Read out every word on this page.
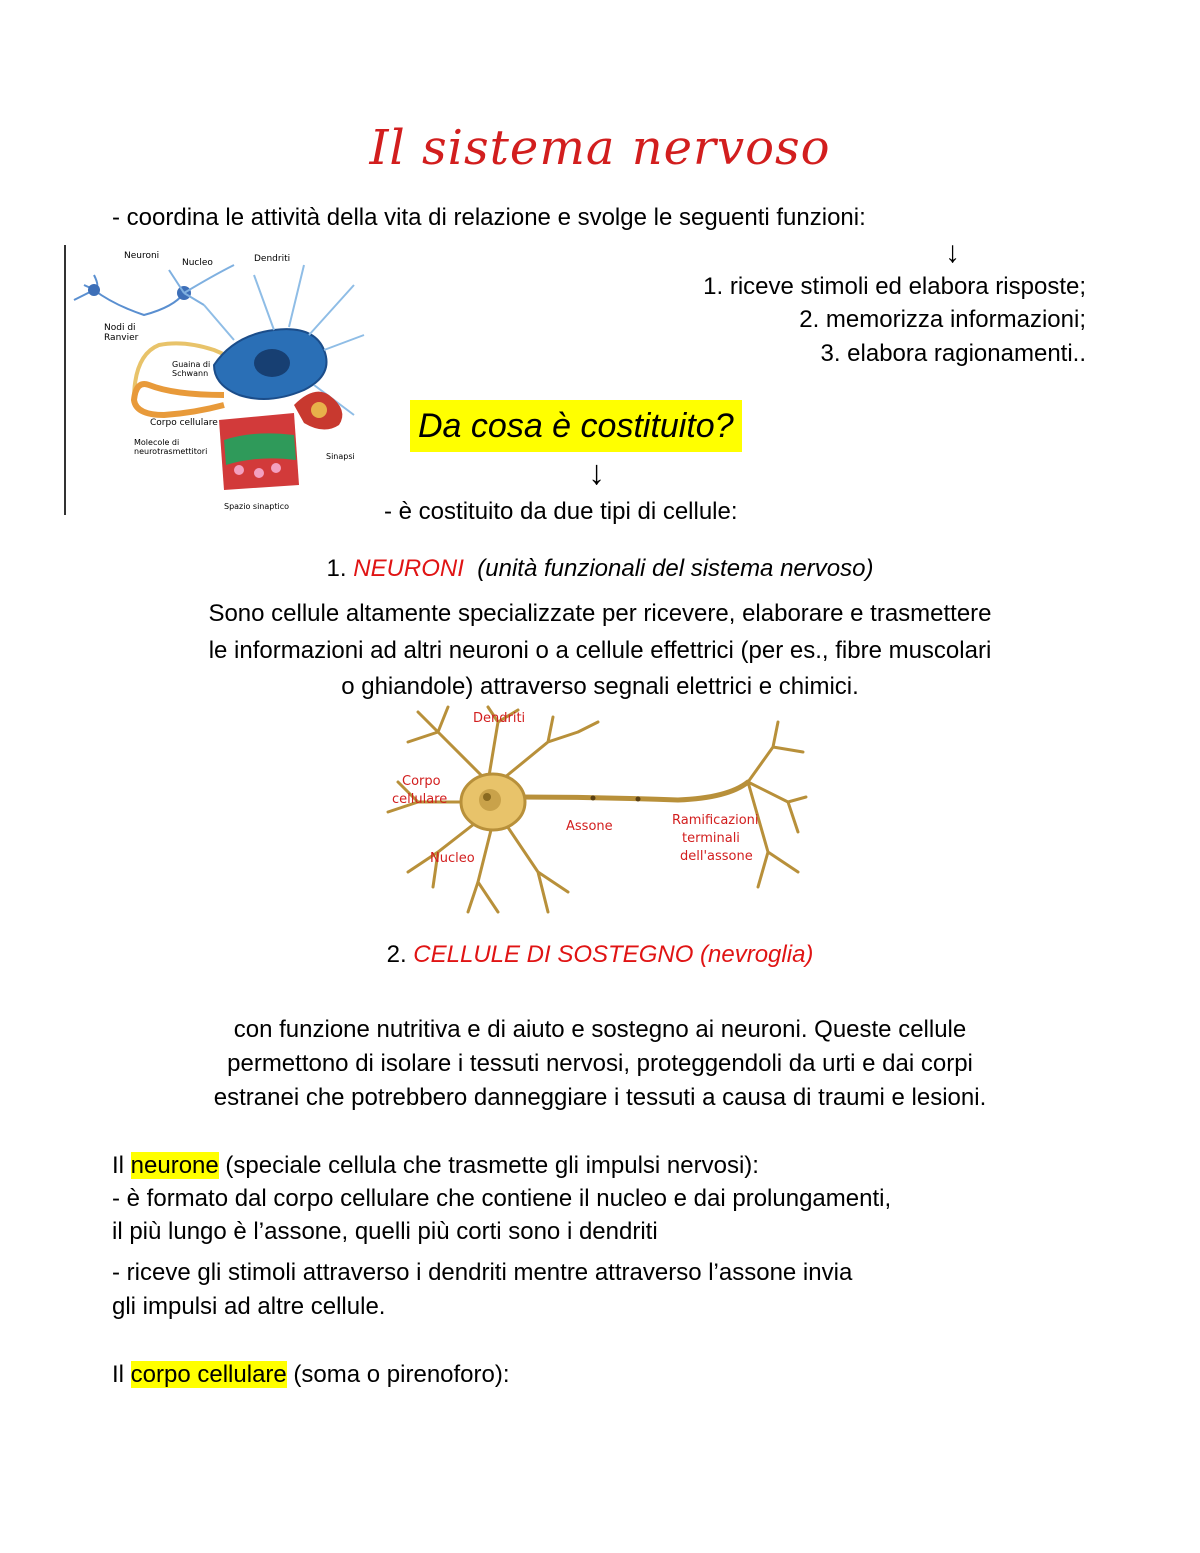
Il sistema nervoso
- coordina le attività della vita di relazione e svolge le seguenti funzioni:
↓
1. riceve stimoli ed elabora risposte;
2. memorizza informazioni;
3. elabora ragionamenti..
Neuroni
Nucleo	Dendriti
Nodi di
Ranvier
Guaina di
Schwann
Corpo cellulare
Molecole di
neurotrasmettitori
Sinapsi
Spazio sinaptico
Da cosa è costituito?
↓
- è costituito da due tipi di cellule:
1. NEURONI (unità funzionali del sistema nervoso)
Sono cellule altamente specializzate per ricevere, elaborare e trasmettere
le informazioni ad altri neuroni o a cellule effettrici (per es., fibre muscolari
o ghiandole) attraverso segnali elettrici e chimici.
Dendriti
Corpo
cellulare
Nucleo
Assone	Ramificazioni
terminali
dell'assone
2. CELLULE DI SOSTEGNO (nevroglia)
con funzione nutritiva e di aiuto e sostegno ai neuroni. Queste cellule
permettono di isolare i tessuti nervosi, proteggendoli da urti e dai corpi
estranei che potrebbero danneggiare i tessuti a causa di traumi e lesioni.
Il neurone (speciale cellula che trasmette gli impulsi nervosi):
- è formato dal corpo cellulare che contiene il nucleo e dai prolungamenti,
il più lungo è l’assone, quelli più corti sono i dendriti
- riceve gli stimoli attraverso i dendriti mentre attraverso l’assone invia
gli impulsi ad altre cellule.
Il corpo cellulare (soma o pirenoforo):
